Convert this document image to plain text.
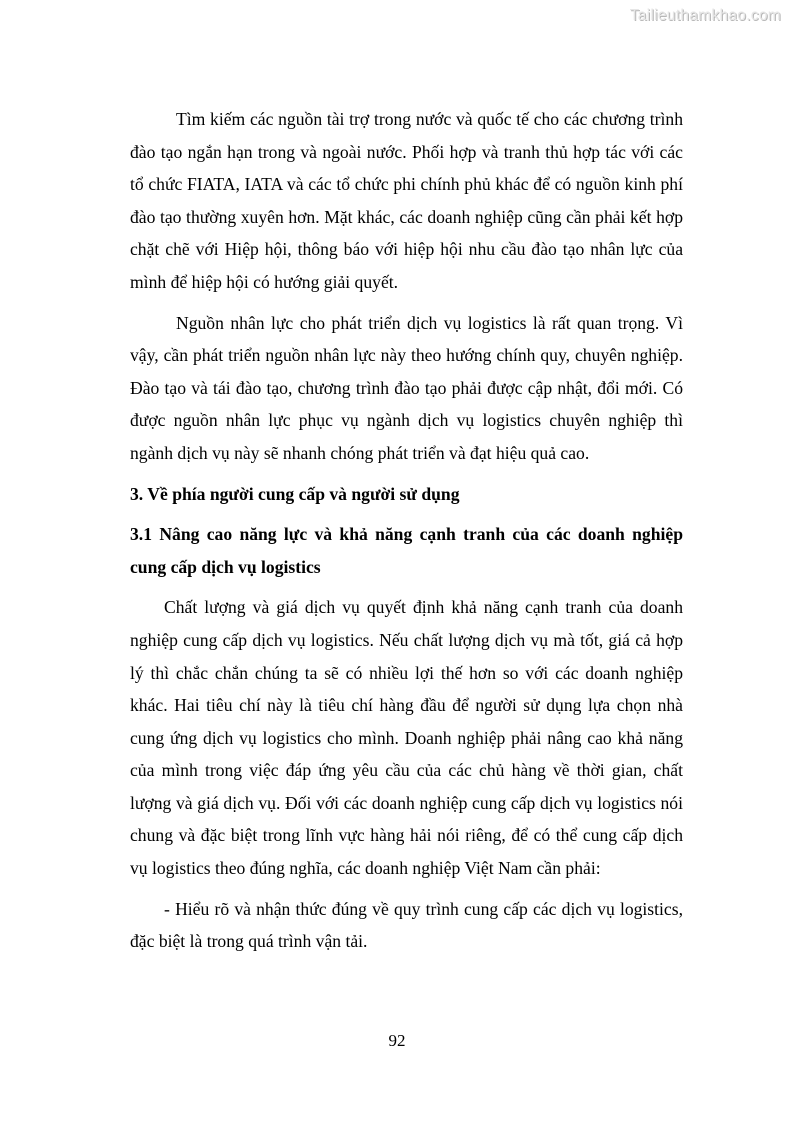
Tailieuthamkhao.com

Tìm kiếm các nguồn tài trợ trong nước và quốc tế cho các chương trình đào tạo ngắn hạn trong và ngoài nước. Phối hợp và tranh thủ hợp tác với các tổ chức FIATA, IATA và các tổ chức phi chính phủ khác để có nguồn kinh phí đào tạo thường xuyên hơn. Mặt khác, các doanh nghiệp cũng cần phải kết hợp chặt chẽ với Hiệp hội, thông báo với hiệp hội nhu cầu đào tạo nhân lực của mình để hiệp hội có hướng giải quyết.

Nguồn nhân lực cho phát triển dịch vụ logistics là rất quan trọng. Vì vậy, cần phát triển nguồn nhân lực này theo hướng chính quy, chuyên nghiệp. Đào tạo và tái đào tạo, chương trình đào tạo phải được cập nhật, đổi mới. Có được nguồn nhân lực phục vụ ngành dịch vụ logistics chuyên nghiệp thì ngành dịch vụ này sẽ nhanh chóng phát triển và đạt hiệu quả cao.

3. Về phía người cung cấp và người sử dụng

3.1 Nâng cao năng lực và khả năng cạnh tranh của các doanh nghiệp cung cấp dịch vụ logistics

Chất lượng và giá dịch vụ quyết định khả năng cạnh tranh của doanh nghiệp cung cấp dịch vụ logistics. Nếu chất lượng dịch vụ mà tốt, giá cả hợp lý thì chắc chắn chúng ta sẽ có nhiều lợi thế hơn so với các doanh nghiệp khác. Hai tiêu chí này là tiêu chí hàng đầu để người sử dụng lựa chọn nhà cung ứng dịch vụ logistics cho mình. Doanh nghiệp phải nâng cao khả năng của mình trong việc đáp ứng yêu cầu của các chủ hàng về thời gian, chất lượng và giá dịch vụ. Đối với các doanh nghiệp cung cấp dịch vụ logistics nói chung và đặc biệt trong lĩnh vực hàng hải nói riêng, để có thể cung cấp dịch vụ logistics theo đúng nghĩa, các doanh nghiệp Việt Nam cần phải:

- Hiểu rõ và nhận thức đúng về quy trình cung cấp các dịch vụ logistics, đặc biệt là trong quá trình vận tải.

92
